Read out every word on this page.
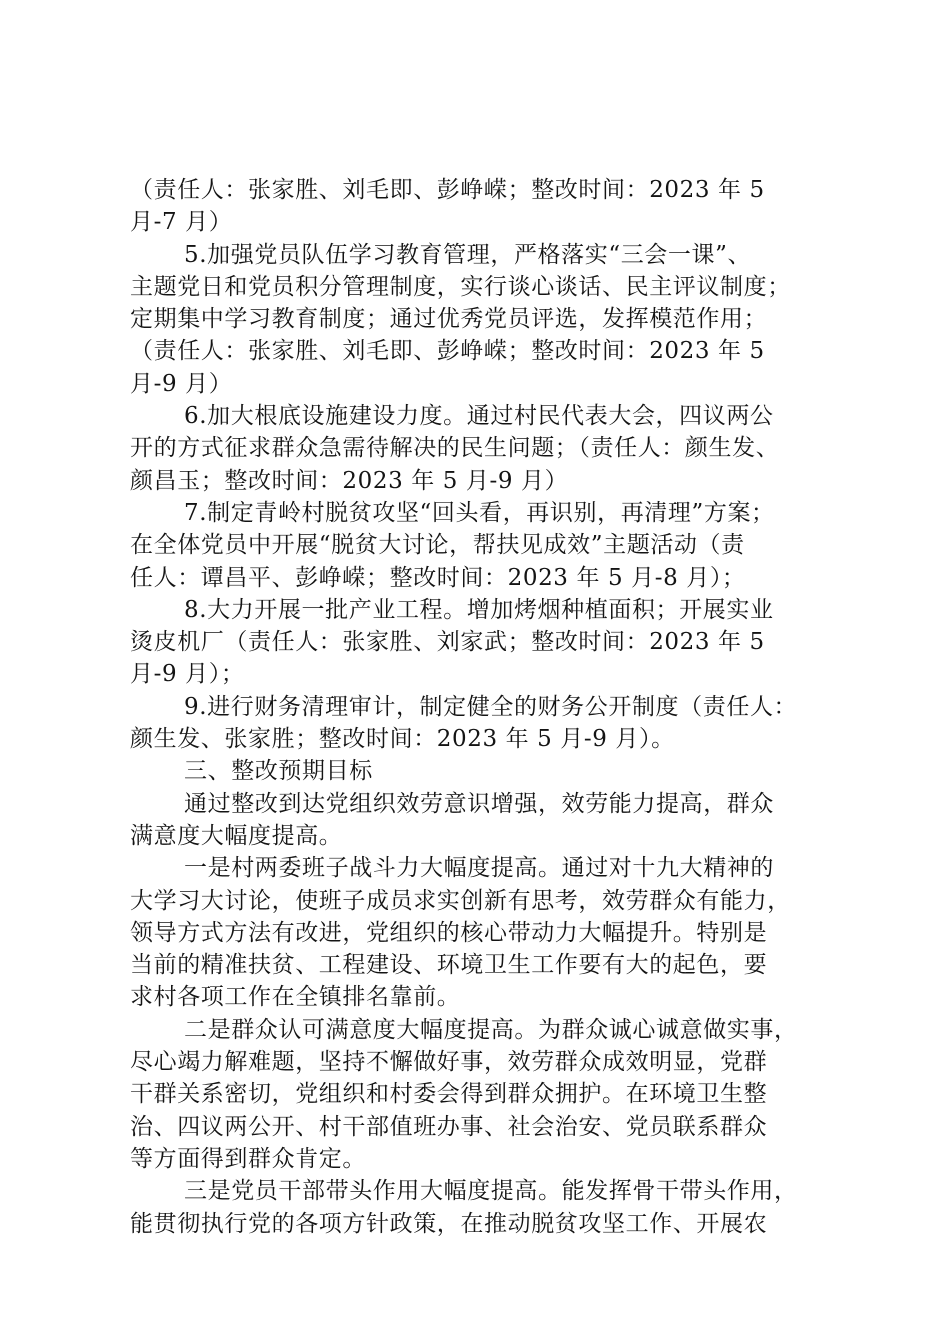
（责任人：张家胜、刘毛即、彭峥嵘；整改时间：2023 年 5
月-7 月）
5.加强党员队伍学习教育管理，严格落实“三会一课”、
主题党日和党员积分管理制度，实行谈心谈话、民主评议制度；
定期集中学习教育制度；通过优秀党员评选，发挥模范作用；
（责任人：张家胜、刘毛即、彭峥嵘；整改时间：2023 年 5
月-9 月）
6.加大根底设施建设力度。通过村民代表大会，四议两公
开的方式征求群众急需待解决的民生问题；（责任人：颜生发、
颜昌玉；整改时间：2023 年 5 月-9 月）
7.制定青岭村脱贫攻坚“回头看，再识别，再清理”方案；
在全体党员中开展“脱贫大讨论，帮扶见成效”主题活动（责
任人：谭昌平、彭峥嵘；整改时间：2023 年 5 月-8 月）；
8.大力开展一批产业工程。增加烤烟种植面积；开展实业
烫皮机厂（责任人：张家胜、刘家武；整改时间：2023 年 5
月-9 月）；
9.进行财务清理审计，制定健全的财务公开制度（责任人：
颜生发、张家胜；整改时间：2023 年 5 月-9 月）。
三、整改预期目标
通过整改到达党组织效劳意识增强，效劳能力提高，群众
满意度大幅度提高。
一是村两委班子战斗力大幅度提高。通过对十九大精神的
大学习大讨论，使班子成员求实创新有思考，效劳群众有能力，
领导方式方法有改进，党组织的核心带动力大幅提升。特别是
当前的精准扶贫、工程建设、环境卫生工作要有大的起色，要
求村各项工作在全镇排名靠前。
二是群众认可满意度大幅度提高。为群众诚心诚意做实事，
尽心竭力解难题，坚持不懈做好事，效劳群众成效明显，党群
干群关系密切，党组织和村委会得到群众拥护。在环境卫生整
治、四议两公开、村干部值班办事、社会治安、党员联系群众
等方面得到群众肯定。
三是党员干部带头作用大幅度提高。能发挥骨干带头作用，
能贯彻执行党的各项方针政策，在推动脱贫攻坚工作、开展农
